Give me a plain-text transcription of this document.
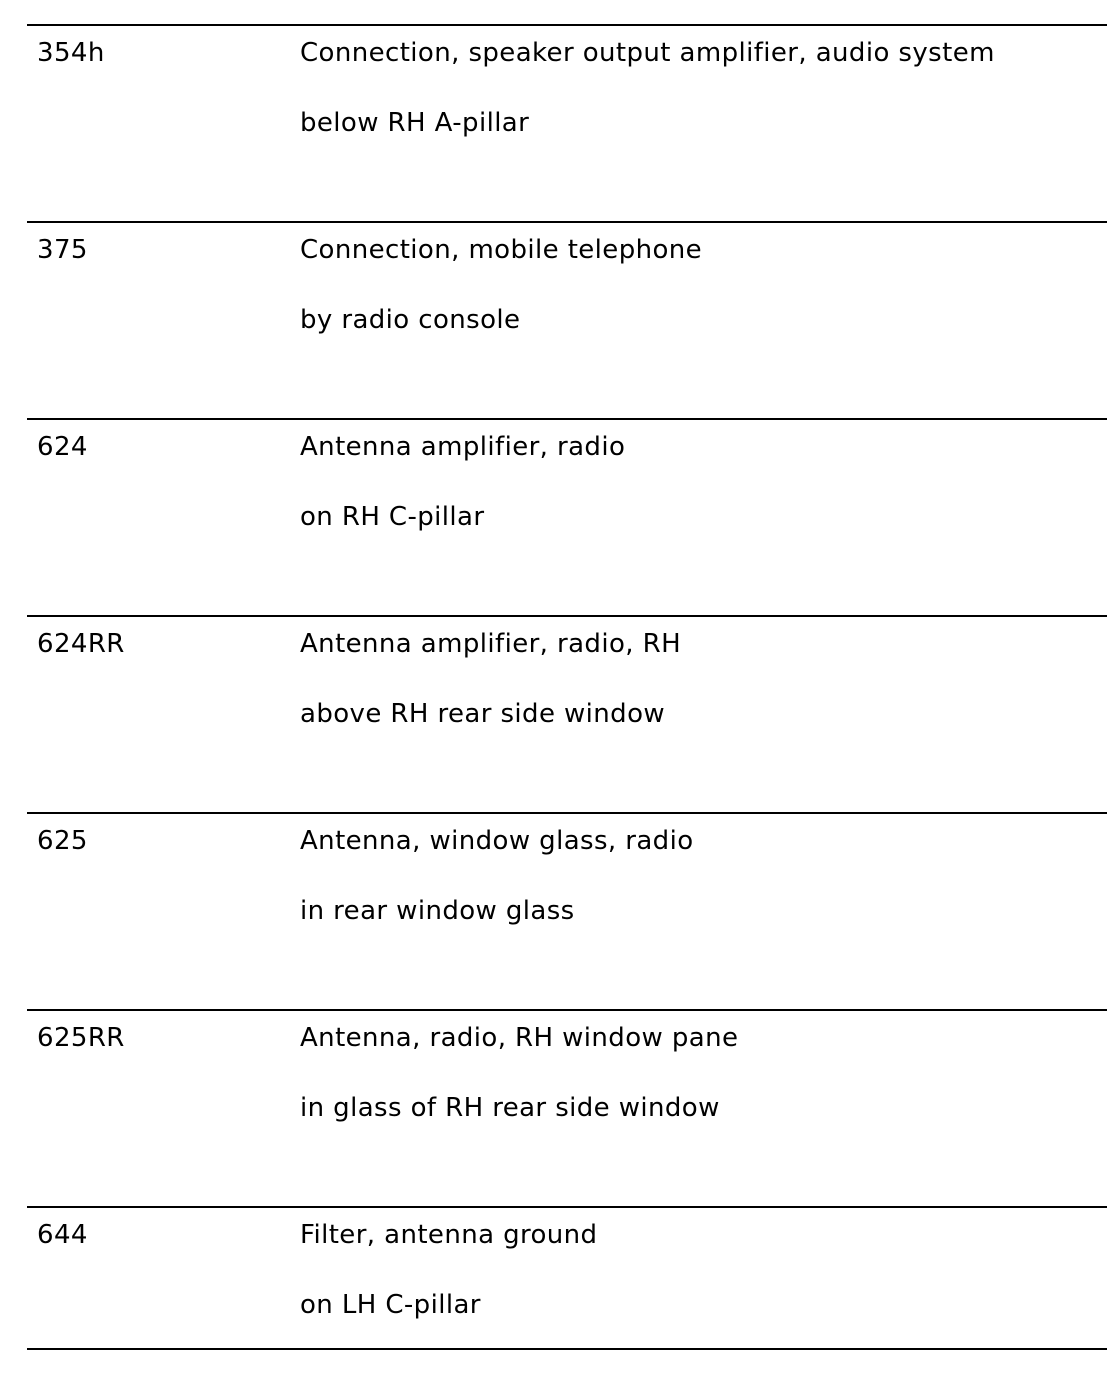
354h	Connection, speaker output amplifier, audio system
below RH A-pillar
375	Connection, mobile telephone
by radio console
624	Antenna amplifier, radio
on RH C-pillar
624RR	Antenna amplifier, radio, RH
above RH rear side window
625	Antenna, window glass, radio
in rear window glass
625RR	Antenna, radio, RH window pane
in glass of RH rear side window
644	Filter, antenna ground
on LH C-pillar
